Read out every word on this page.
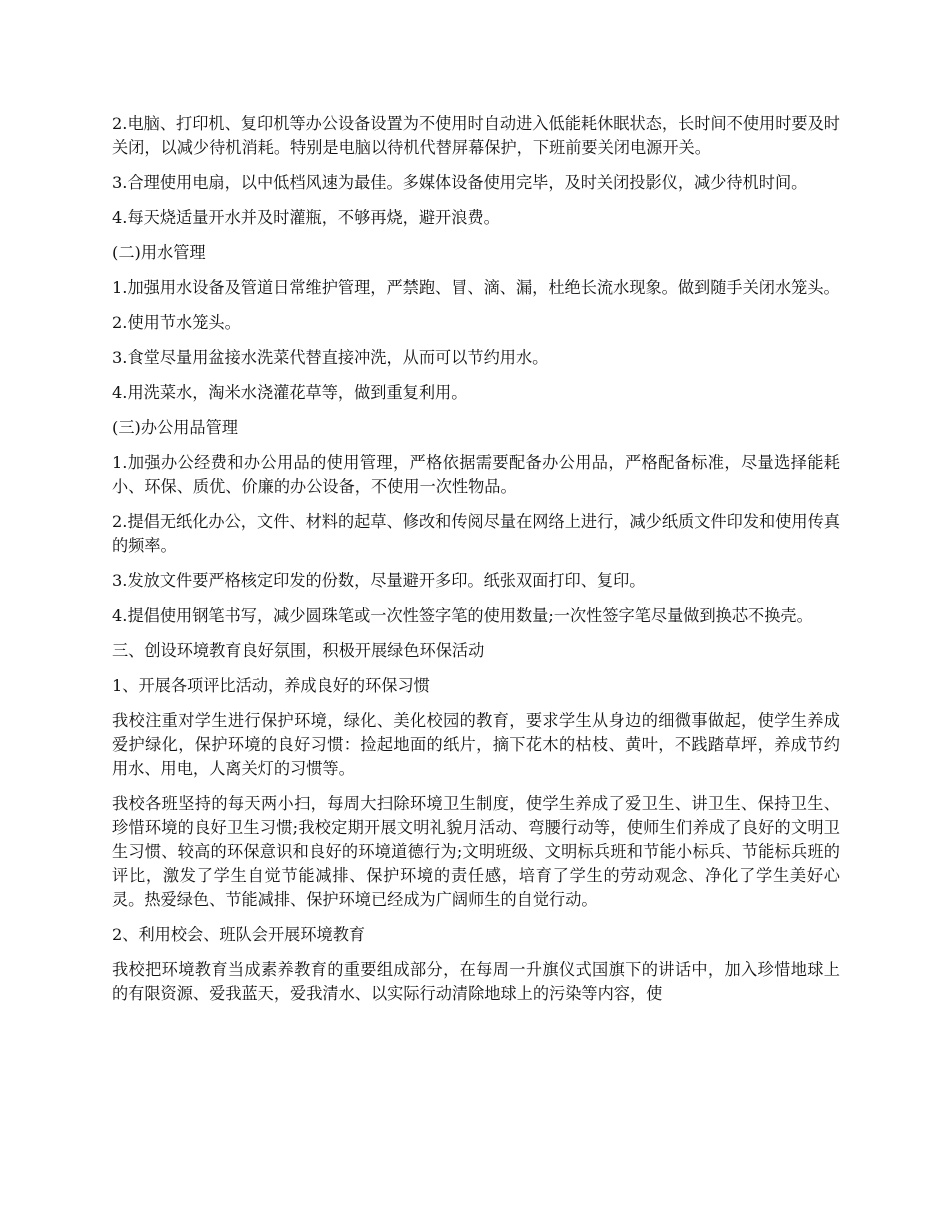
2.电脑、打印机、复印机等办公设备设置为不使用时自动进入低能耗休眠状态，长时间不使用时要及时关闭，以减少待机消耗。特别是电脑以待机代替屏幕保护，下班前要关闭电源开关。

3.合理使用电扇，以中低档风速为最佳。多媒体设备使用完毕，及时关闭投影仪，减少待机时间。

4.每天烧适量开水并及时灌瓶，不够再烧，避开浪费。

(二)用水管理

1.加强用水设备及管道日常维护管理，严禁跑、冒、滴、漏，杜绝长流水现象。做到随手关闭水笼头。

2.使用节水笼头。

3.食堂尽量用盆接水洗菜代替直接冲洗，从而可以节约用水。

4.用洗菜水，淘米水浇灌花草等，做到重复利用。

(三)办公用品管理

1.加强办公经费和办公用品的使用管理，严格依据需要配备办公用品，严格配备标准，尽量选择能耗小、环保、质优、价廉的办公设备，不使用一次性物品。

2.提倡无纸化办公，文件、材料的起草、修改和传阅尽量在网络上进行，减少纸质文件印发和使用传真的频率。

3.发放文件要严格核定印发的份数，尽量避开多印。纸张双面打印、复印。

4.提倡使用钢笔书写，减少圆珠笔或一次性签字笔的使用数量;一次性签字笔尽量做到换芯不换壳。

三、创设环境教育良好氛围，积极开展绿色环保活动

1、开展各项评比活动，养成良好的环保习惯

我校注重对学生进行保护环境，绿化、美化校园的教育，要求学生从身边的细微事做起，使学生养成爱护绿化，保护环境的良好习惯：捡起地面的纸片，摘下花木的枯枝、黄叶，不践踏草坪，养成节约用水、用电，人离关灯的习惯等。

我校各班坚持的每天两小扫，每周大扫除环境卫生制度，使学生养成了爱卫生、讲卫生、保持卫生、珍惜环境的良好卫生习惯;我校定期开展文明礼貌月活动、弯腰行动等，使师生们养成了良好的文明卫生习惯、较高的环保意识和良好的环境道德行为;文明班级、文明标兵班和节能小标兵、节能标兵班的评比，激发了学生自觉节能减排、保护环境的责任感，培育了学生的劳动观念、净化了学生美好心灵。热爱绿色、节能减排、保护环境已经成为广阔师生的自觉行动。

2、利用校会、班队会开展环境教育

我校把环境教育当成素养教育的重要组成部分，在每周一升旗仪式国旗下的讲话中，加入珍惜地球上的有限资源、爱我蓝天，爱我清水、以实际行动清除地球上的污染等内容，使
